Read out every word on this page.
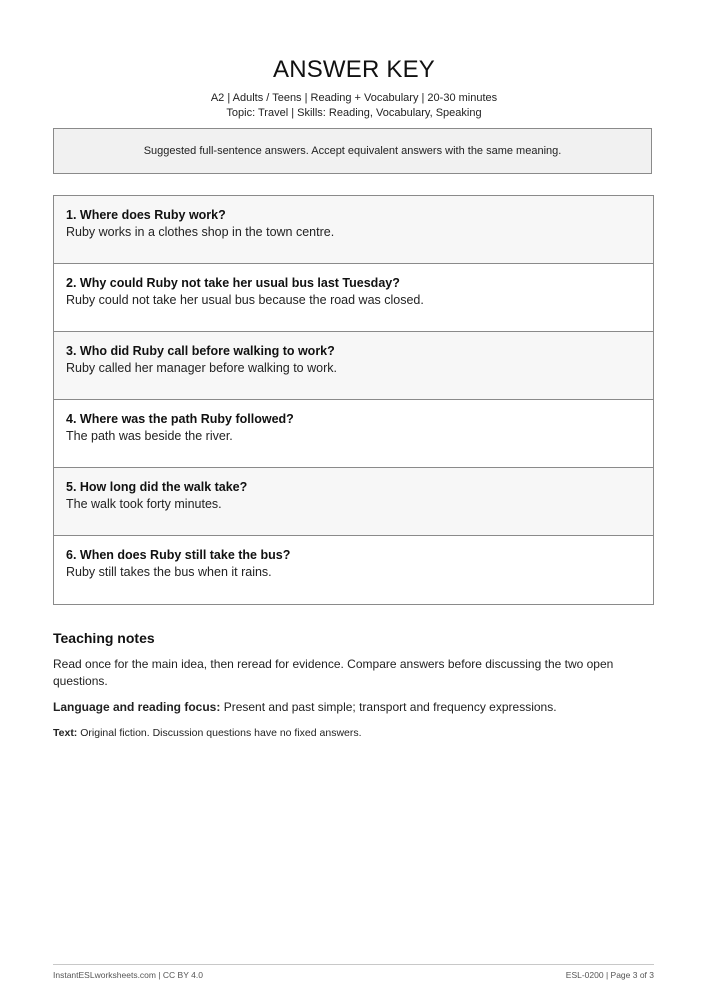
ANSWER KEY
A2 | Adults / Teens | Reading + Vocabulary | 20-30 minutes
Topic: Travel | Skills: Reading, Vocabulary, Speaking
Suggested full-sentence answers. Accept equivalent answers with the same meaning.
1. Where does Ruby work?
Ruby works in a clothes shop in the town centre.
2. Why could Ruby not take her usual bus last Tuesday?
Ruby could not take her usual bus because the road was closed.
3. Who did Ruby call before walking to work?
Ruby called her manager before walking to work.
4. Where was the path Ruby followed?
The path was beside the river.
5. How long did the walk take?
The walk took forty minutes.
6. When does Ruby still take the bus?
Ruby still takes the bus when it rains.
Teaching notes
Read once for the main idea, then reread for evidence. Compare answers before discussing the two open questions.
Language and reading focus: Present and past simple; transport and frequency expressions.
Text: Original fiction. Discussion questions have no fixed answers.
InstantESLworksheets.com | CC BY 4.0	ESL-0200 | Page 3 of 3
